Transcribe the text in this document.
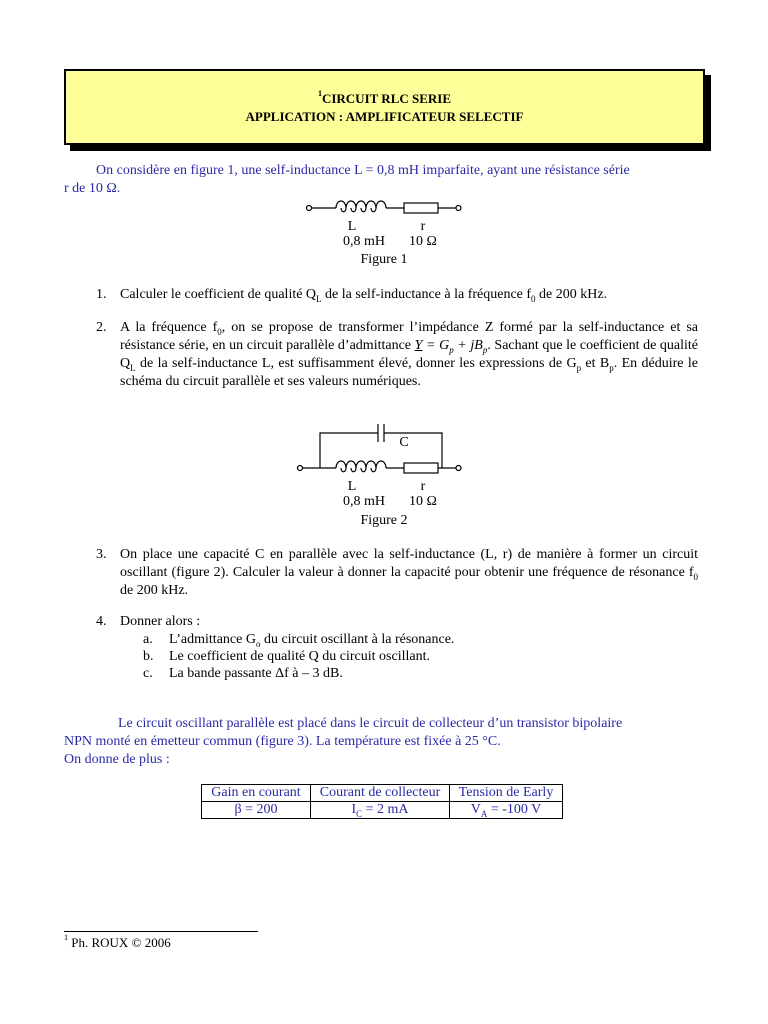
$^1$CIRCUIT RLC SERIE
APPLICATION : AMPLIFICATEUR SELECTIF
On considère en figure 1, une self-inductance L = 0,8 mH imparfaite, ayant une résistance série
r de 10 Ω.
L	r
0,8 mH	10 Ω
Figure 1
1. Calculer le coefficient de qualité $Q_L$ de la self-inductance à la fréquence $f_0$ de 200 kHz.
2. A la fréquence $f_0$, on se propose de transformer l’impédance Z formé par la self-inductance et sa résistance série, en un circuit parallèle d’admittance $Y = G_p + jB_p$. Sachant que le coefficient de qualité $Q_L$ de la self-inductance L, est suffisamment élevé, donner les expressions de $G_p$ et $B_p$. En déduire le schéma du circuit parallèle et ses valeurs numériques.
C
L	r
0,8 mH	10 Ω
Figure 2
3. On place une capacité C en parallèle avec la self-inductance (L, r) de manière à former un circuit oscillant (figure 2). Calculer la valeur à donner la capacité pour obtenir une fréquence de résonance $f_0$ de 200 kHz.
4. Donner alors :
a. L’admittance $G_o$ du circuit oscillant à la résonance.
b. Le coefficient de qualité Q du circuit oscillant.
c. La bande passante Δf à – 3 dB.
Le circuit oscillant parallèle est placé dans le circuit de collecteur d’un transistor bipolaire
NPN monté en émetteur commun (figure 3). La température est fixée à 25 °C.
On donne de plus :
Gain en courant	Courant de collecteur	Tension de Early
β = 200	$I_C = 2$ mA	$V_A = -100$ V
$^1$ Ph. ROUX © 2006
